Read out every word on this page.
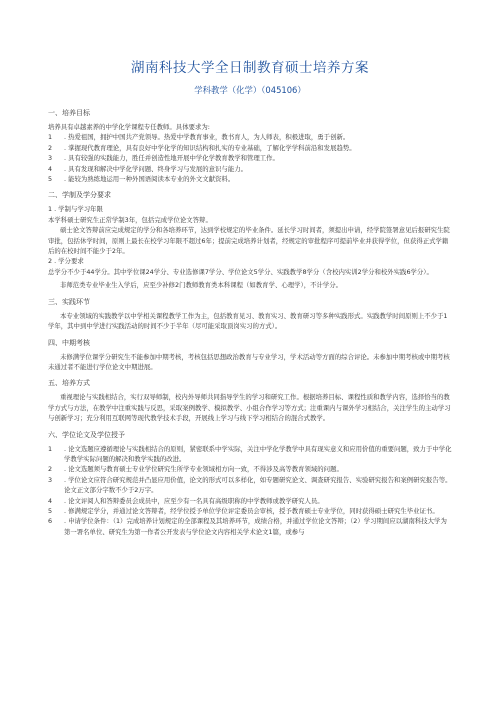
湖南科技大学全日制教育硕士培养方案
学科教学（化学）（045106）
一、培养目标

培养具有卓越素养的中学化学课程专任教师。具体要求为:

1	. 热爱祖国，拥护中国共产党领导。热爱中学教育事业，教书育人，为人师表，积极进取，勇于创新。
2	. 掌握现代教育理论，具有良好中学化学的知识结构和扎实的专业基础，了解化学学科前沿和发展趋势。
3	. 具有较强的实践能力，胜任并创造性地开展中学化学教育教学和管理工作。
4	. 具有发现和解决中学化学问题、终身学习与发展的意识与能力。
5	. 能较为熟练地运用一种外国语阅读本专业的外文文献资料。
二、学制及学分要求

1 . 学制与学习年限

本学科硕士研究生正常学制3年，包括完成学位论文答辩。

硕士论文答辩前应完成规定的学分和各培养环节，达到学校规定的毕业条件。延长学习时间者，须提出申请，经学院签署意见后报研究生院审批，包括休学时间，原则上最长在校学习年限不超过6年；提前完成培养计划者，经规定的审批程序可提前毕业并获得学位，但获得正式学籍后的在校时间不能少于2年。

2 . 学分要求

总学分不少于44学分。其中学位课24学分、专业选修课7学分、学位论文5学分、实践教学8学分（含校内实训2学分和校外实践6学分）。

非师范类专业毕业生入学后，应至少补修2门教师教育类本科课程（如教育学、心理学），不计学分。

三、实践环节

本专业领域的实践教学以中学相关课程教学工作为主，包括教育见习、教育实习、教育研习等多种实践形式。实践教学时间原则上不少于1学年，其中到中学进行实践活动的时间不少于半年（尽可能采取顶岗实习的方式）。

四、中期考核

未修满学位课学分研究生不能参加中期考核，考核包括思想政治教育与专业学习，学术活动等方面的综合评论。未参加中期考核或中期考核未通过者不能进行学位论文中期进展。

五、培养方式

重视理论与实践相结合，实行双导师制，校内外导师共同指导学生的学习和研究工作。根据培养目标、课程性质和教学内容，选择恰当的教学方式与方法，在教学中注重实践与反思，采取案例教学、模拟教学、小组合作学习等方式；注重课内与课外学习相结合，关注学生的主动学习与创新学习；充分利用互联网等现代教学技术手段，开展线上学习与线下学习相结合的混合式教学。

六、学位论文及学位授予
1	. 论文选题应遵循理论与实践相结合的原则，紧密联系中学实际，关注中学化学教学中具有现实意义和应用价值的重要问题，致力于中学化学教学实际问题的解决和教学实践的改进。
2	. 论文选题须与教育硕士专业学位研究生所学专业领域相方向一致，不得涉及高等教育领域的问题。
3	. 学位论文应符合研究规范并凸显应用价值，论文的形式可以多样化，如专题研究论文、调查研究报告、实验研究报告和案例研究报告等。论文正文部分字数不少于2万字。
4	. 论文评阅人和答辩委员会成员中，应至少有一名具有高级职称的中学教师或教学研究人员。
5	. 修满规定学分，并通过论文答辩者，经学位授予单位学位评定委员会审核，授予教育硕士专业学位，同时获得硕士研究生毕业证书。
6	. 申请学位条件：（1）完成培养计划规定的全部课程及其培养环节，成绩合格，并通过学位论文答辩；（2）学习期间应以湖南科技大学为第一署名单位、研究生为第一作者公开发表与学位论文内容相关学术论文1篇，或参与
